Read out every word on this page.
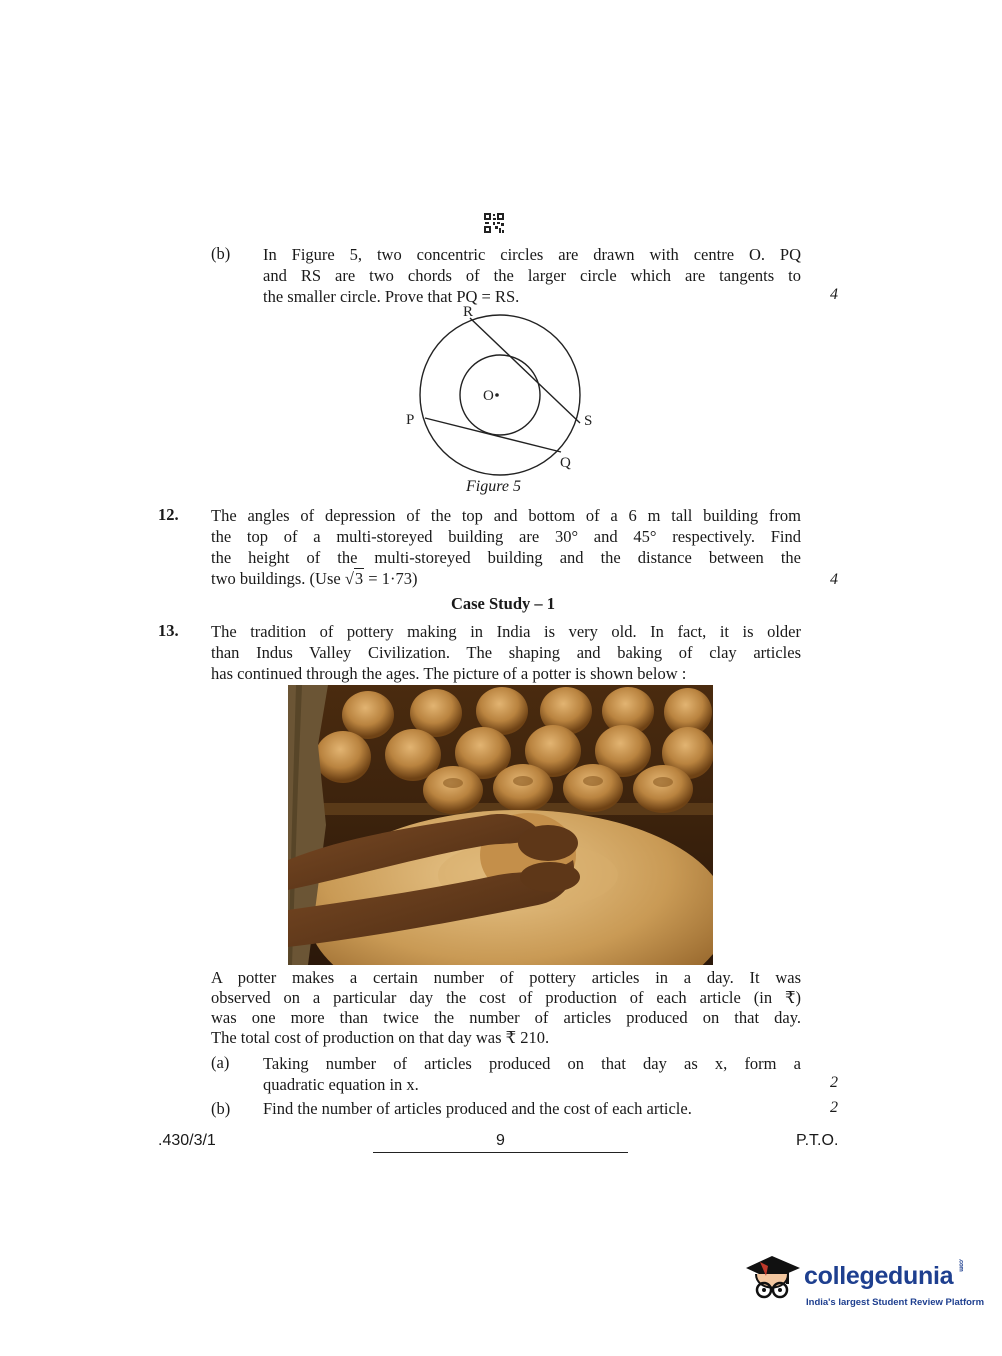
(b) In Figure 5, two concentric circles are drawn with centre O. PQ
and RS are two chords of the larger circle which are tangents to
the smaller circle. Prove that PQ = RS.	4
R
O
P	S
Q
Figure 5
12. The angles of depression of the top and bottom of a 6 m tall building from
the top of a multi-storeyed building are 30° and 45° respectively. Find
the height of the multi-storeyed building and the distance between the
two buildings. (Use √3 = 1·73)	4
Case Study – 1
13. The tradition of pottery making in India is very old. In fact, it is older
than Indus Valley Civilization. The shaping and baking of clay articles
has continued through the ages. The picture of a potter is shown below :
A potter makes a certain number of pottery articles in a day. It was
observed on a particular day the cost of production of each article (in ₹)
was one more than twice the number of articles produced on that day.
The total cost of production on that day was ₹ 210.
(a) Taking number of articles produced on that day as x, form a
quadratic equation in x.	2
(b) Find the number of articles produced and the cost of each article.	2
.430/3/1	9	P.T.O.
collegedunia .com
India's largest Student Review Platform
